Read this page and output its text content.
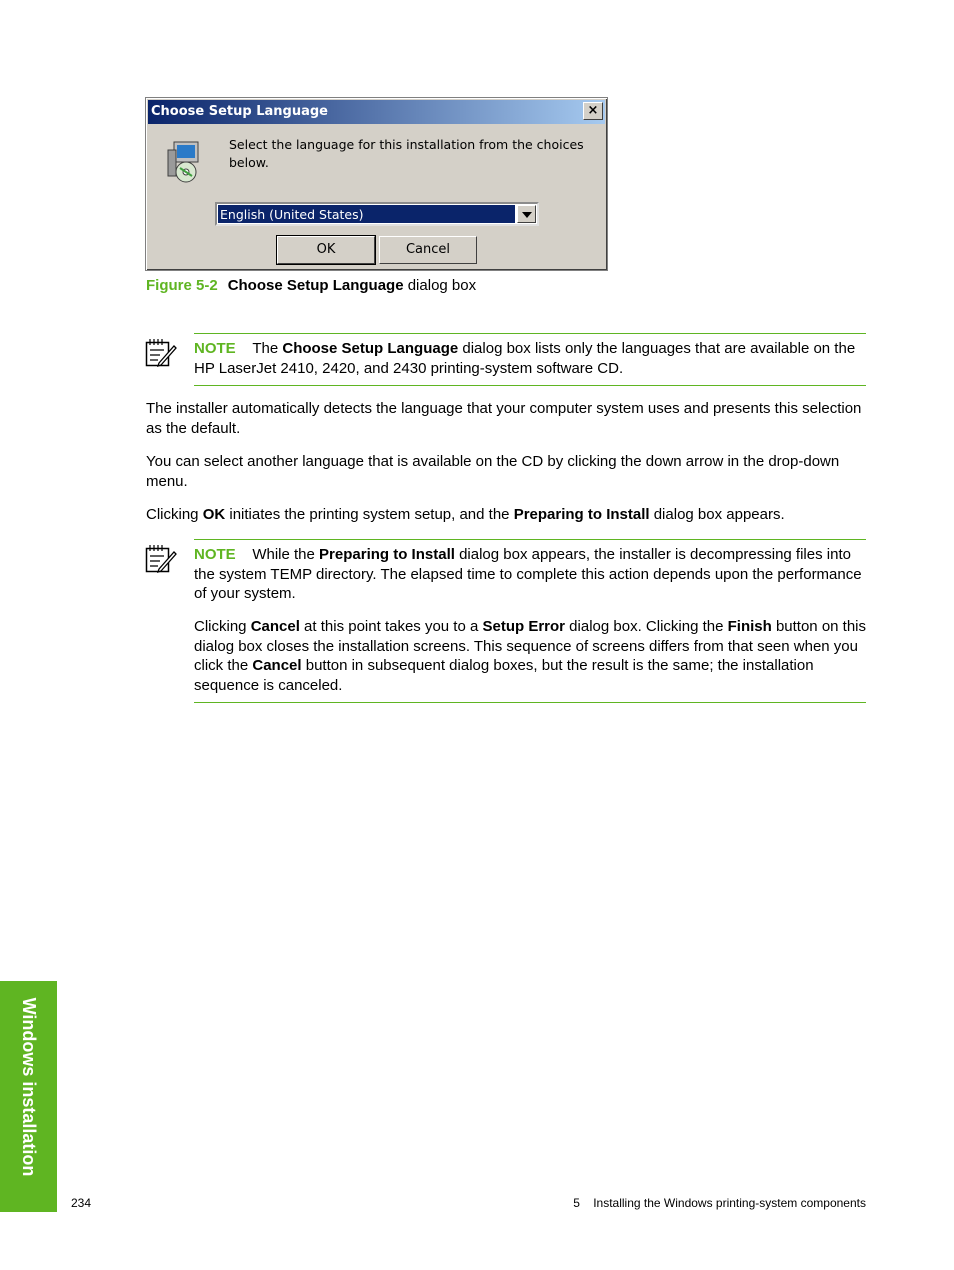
Choose Setup Language	×
Select the language for this installation from the choices below.
English (United States)
OK	Cancel
Figure 5-2 Choose Setup Language dialog box

NOTE The Choose Setup Language dialog box lists only the languages that are available on the HP LaserJet 2410, 2420, and 2430 printing-system software CD.

The installer automatically detects the language that your computer system uses and presents this selection as the default.

You can select another language that is available on the CD by clicking the down arrow in the drop-down menu.

Clicking OK initiates the printing system setup, and the Preparing to Install dialog box appears.

NOTE While the Preparing to Install dialog box appears, the installer is decompressing files into the system TEMP directory. The elapsed time to complete this action depends upon the performance of your system.

Clicking Cancel at this point takes you to a Setup Error dialog box. Clicking the Finish button on this dialog box closes the installation screens. This sequence of screens differs from that seen when you click the Cancel button in subsequent dialog boxes, but the result is the same; the installation sequence is canceled.

Windows installation
234	5    Installing the Windows printing-system components
